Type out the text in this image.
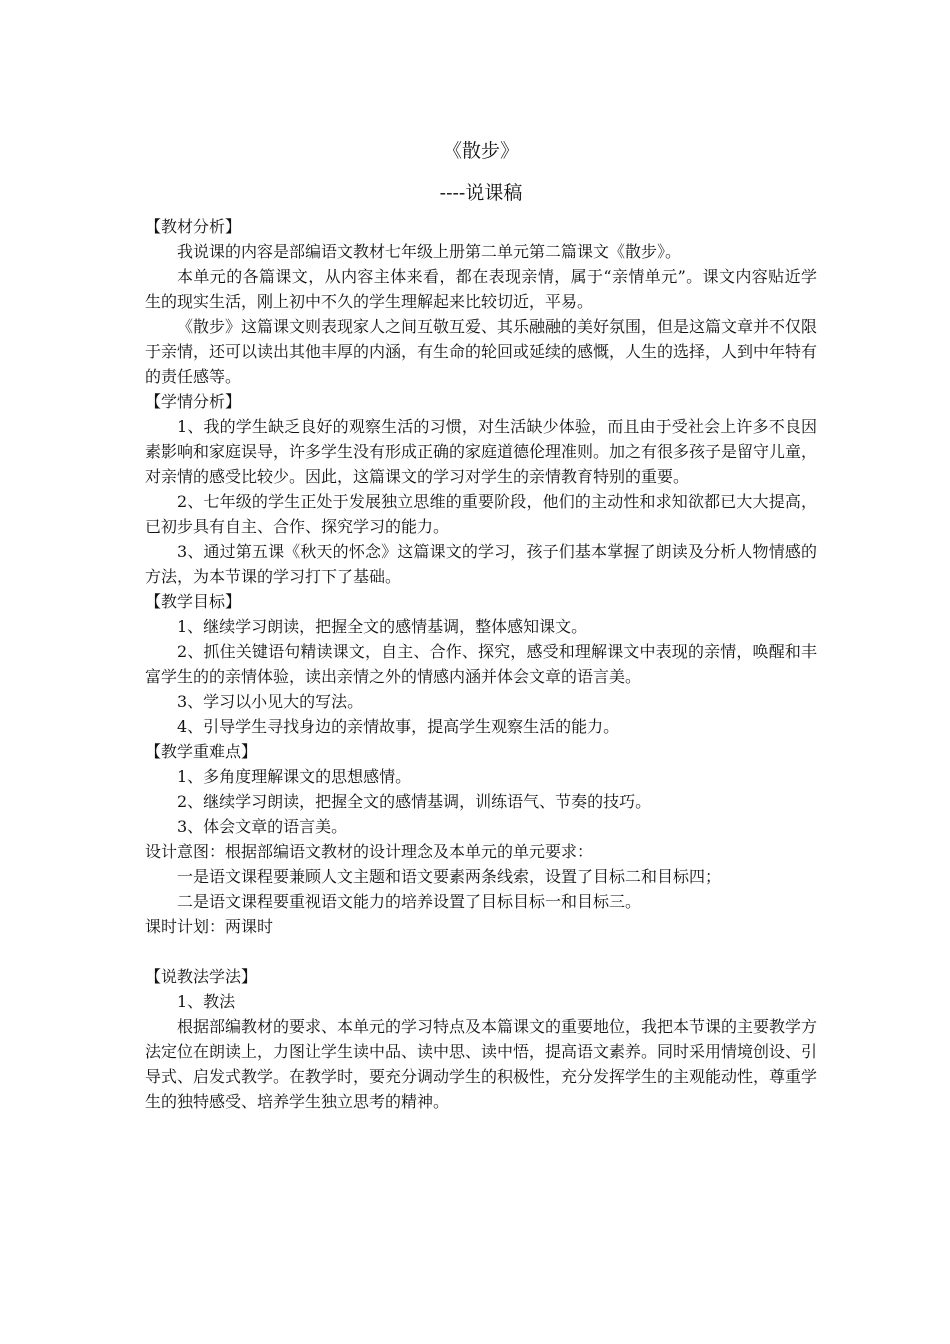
《散步》
----说课稿
【教材分析】

我说课的内容是部编语文教材七年级上册第二单元第二篇课文《散步》。

本单元的各篇课文，从内容主体来看，都在表现亲情，属于“亲情单元”。课文内容贴近学生的现实生活，刚上初中不久的学生理解起来比较切近，平易。

《散步》这篇课文则表现家人之间互敬互爱、其乐融融的美好氛围，但是这篇文章并不仅限于亲情，还可以读出其他丰厚的内涵，有生命的轮回或延续的感慨，人生的选择，人到中年特有的责任感等。

【学情分析】

1、我的学生缺乏良好的观察生活的习惯，对生活缺少体验，而且由于受社会上许多不良因素影响和家庭误导，许多学生没有形成正确的家庭道德伦理准则。加之有很多孩子是留守儿童，对亲情的感受比较少。因此，这篇课文的学习对学生的亲情教育特别的重要。

2、七年级的学生正处于发展独立思维的重要阶段，他们的主动性和求知欲都已大大提高，已初步具有自主、合作、探究学习的能力。

3、通过第五课《秋天的怀念》这篇课文的学习，孩子们基本掌握了朗读及分析人物情感的方法，为本节课的学习打下了基础。

【教学目标】

1、继续学习朗读，把握全文的感情基调，整体感知课文。

2、抓住关键语句精读课文，自主、合作、探究，感受和理解课文中表现的亲情，唤醒和丰富学生的的亲情体验，读出亲情之外的情感内涵并体会文章的语言美。

3、学习以小见大的写法。

4、引导学生寻找身边的亲情故事，提高学生观察生活的能力。

【教学重难点】

1、多角度理解课文的思想感情。

2、继续学习朗读，把握全文的感情基调，训练语气、节奏的技巧。

3、体会文章的语言美。

设计意图：根据部编语文教材的设计理念及本单元的单元要求：

一是语文课程要兼顾人文主题和语文要素两条线索，设置了目标二和目标四；

二是语文课程要重视语文能力的培养设置了目标目标一和目标三。

课时计划：两课时
【说教法学法】

1、教法

根据部编教材的要求、本单元的学习特点及本篇课文的重要地位，我把本节课的主要教学方法定位在朗读上，力图让学生读中品、读中思、读中悟，提高语文素养。同时采用情境创设、引导式、启发式教学。在教学时，要充分调动学生的积极性，充分发挥学生的主观能动性，尊重学生的独特感受、培养学生独立思考的精神。
